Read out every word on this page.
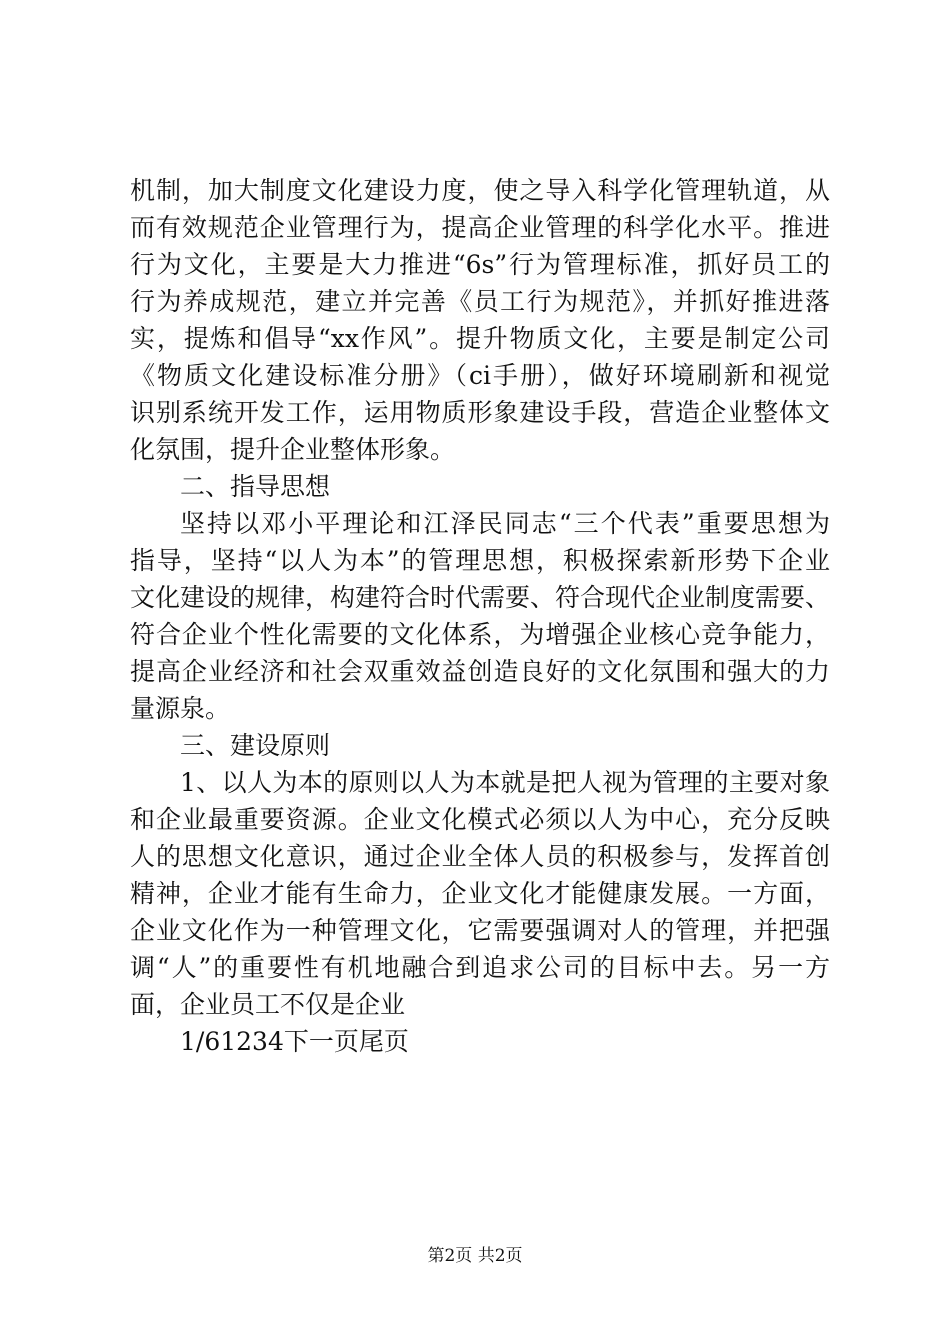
机制，加大制度文化建设力度，使之导入科学化管理轨道，从
而有效规范企业管理行为，提高企业管理的科学化水平。推进
行为文化，主要是大力推进“6s”行为管理标准，抓好员工的
行为养成规范，建立并完善《员工行为规范》，并抓好推进落
实，提炼和倡导“xx作风”。提升物质文化，主要是制定公司
《物质文化建设标准分册》（ci手册），做好环境刷新和视觉
识别系统开发工作，运用物质形象建设手段，营造企业整体文
化氛围，提升企业整体形象。
二、指导思想
坚持以邓小平理论和江泽民同志“三个代表”重要思想为
指导，坚持“以人为本”的管理思想，积极探索新形势下企业
文化建设的规律，构建符合时代需要、符合现代企业制度需要、
符合企业个性化需要的文化体系，为增强企业核心竞争能力，
提高企业经济和社会双重效益创造良好的文化氛围和强大的力
量源泉。
三、建设原则
1、以人为本的原则以人为本就是把人视为管理的主要对象
和企业最重要资源。企业文化模式必须以人为中心，充分反映
人的思想文化意识，通过企业全体人员的积极参与，发挥首创
精神，企业才能有生命力，企业文化才能健康发展。一方面，
企业文化作为一种管理文化，它需要强调对人的管理，并把强
调“人”的重要性有机地融合到追求公司的目标中去。另一方
面，企业员工不仅是企业
1/61234下一页尾页
第2页 共2页
